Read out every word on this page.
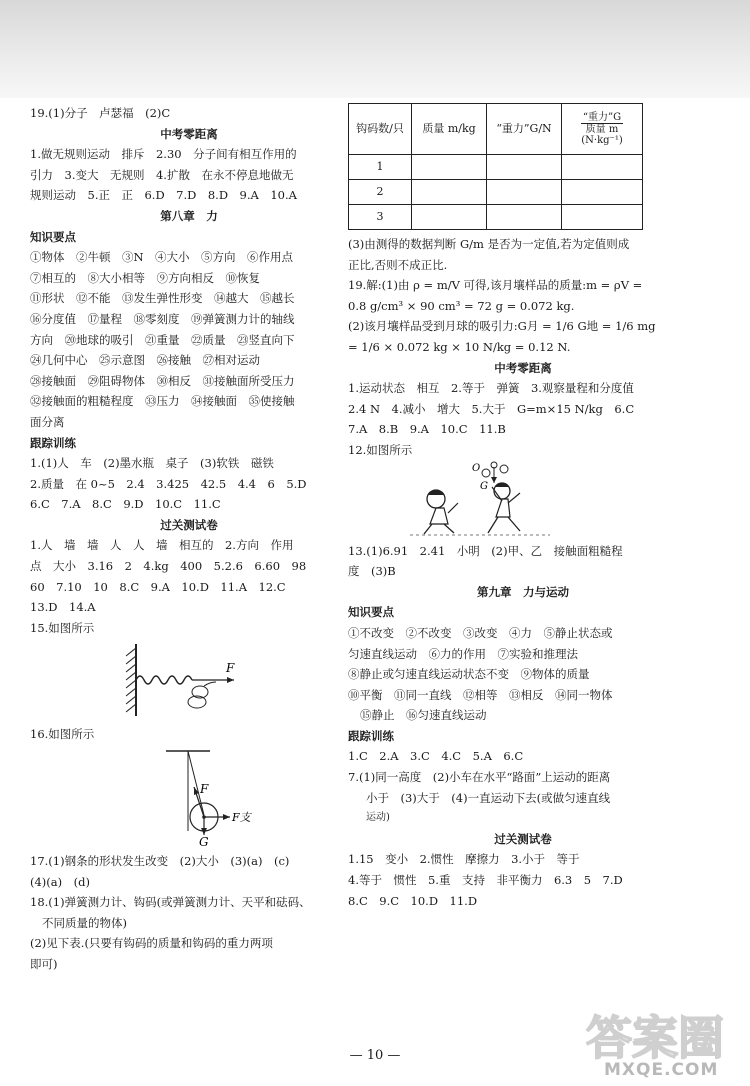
19.(1)分子　卢瑟福　(2)C

中考零距离

1.做无规则运动　排斥　2.30　分子间有相互作用的

引力　3.变大　无规则　4.扩散　在永不停息地做无

规则运动　5.正　正　6.D　7.D　8.D　9.A　10.A

第八章　力

知识要点

①物体　②牛顿　③N　④大小　⑤方向　⑥作用点

⑦相互的　⑧大小相等　⑨方向相反　⑩恢复

⑪形状　⑫不能　⑬发生弹性形变　⑭越大　⑮越长

⑯分度值　⑰量程　⑱零刻度　⑲弹簧测力计的轴线

方向　⑳地球的吸引　㉑重量　㉒质量　㉓竖直向下

㉔几何中心　㉕示意图　㉖接触　㉗相对运动

㉘接触面　㉙阻碍物体　㉚相反　㉛接触面所受压力

㉜接触面的粗糙程度　㉝压力　㉞接触面　㉟使接触

面分离

跟踪训练

1.(1)人　车　(2)墨水瓶　桌子　(3)软铁　磁铁

2.质量　在 0~5　2.4　3.425　42.5　4.4　6　5.D

6.C　7.A　8.C　9.D　10.C　11.C

过关测试卷

1.人　墙　墙　人　人　墙　相互的　2.方向　作用

点　大小　3.16　2　4.kg　400　5.2.6　6.60　98

60　7.10　10　8.C　9.A　10.D　11.A　12.C

13.D　14.A

15.如图所示

F

16.如图所示

F
F支
G

17.(1)钢条的形状发生改变　(2)大小　(3)(a)　(c)

(4)(a)　(d)

18.(1)弹簧测力计、钩码(或弹簧测力计、天平和砝码、

不同质量的物体)

(2)见下表.(只要有钩码的质量和钩码的重力两项

即可)

钩码数/只	质量 m/kg	“重力”G/N	“重力”G
质量 m
(N·kg⁻¹)

1			
2			
3			

(3)由测得的数据判断 G/m 是否为一定值,若为定值则成

正比,否则不成正比.

19.解:(1)由 ρ = m/V 可得,该月壤样品的质量:m = ρV =

0.8 g/cm³ × 90 cm³ = 72 g = 0.072 kg.

(2)该月壤样品受到月球的吸引力:G月 = 1/6 G地 = 1/6 mg

= 1/6 × 0.072 kg × 10 N/kg = 0.12 N.

中考零距离

1.运动状态　相互　2.等于　弹簧　3.观察量程和分度值

2.4 N　4.减小　增大　5.大于　G=m×15 N/kg　6.C

7.A　8.B　9.A　10.C　11.B

12.如图所示

O
G

13.(1)6.91　2.41　小明　(2)甲、乙　接触面粗糙程

度　(3)B

第九章　力与运动

知识要点

①不改变　②不改变　③改变　④力　⑤静止状态或

匀速直线运动　⑥力的作用　⑦实验和推理法

⑧静止或匀速直线运动状态不变　⑨物体的质量

⑩平衡　⑪同一直线　⑫相等　⑬相反　⑭同一物体

⑮静止　⑯匀速直线运动

跟踪训练

1.C　2.A　3.C　4.C　5.A　6.C

7.(1)同一高度　(2)小车在水平“路面”上运动的距离

小于　(3)大于　(4)一直运动下去(或做匀速直线

运动)

过关测试卷

1.15　变小　2.惯性　摩擦力　3.小于　等于

4.等于　惯性　5.重　支持　非平衡力　6.3　5　7.D

8.C　9.C　10.D　11.D

— 10 —	答案圈
MXQE.COM
